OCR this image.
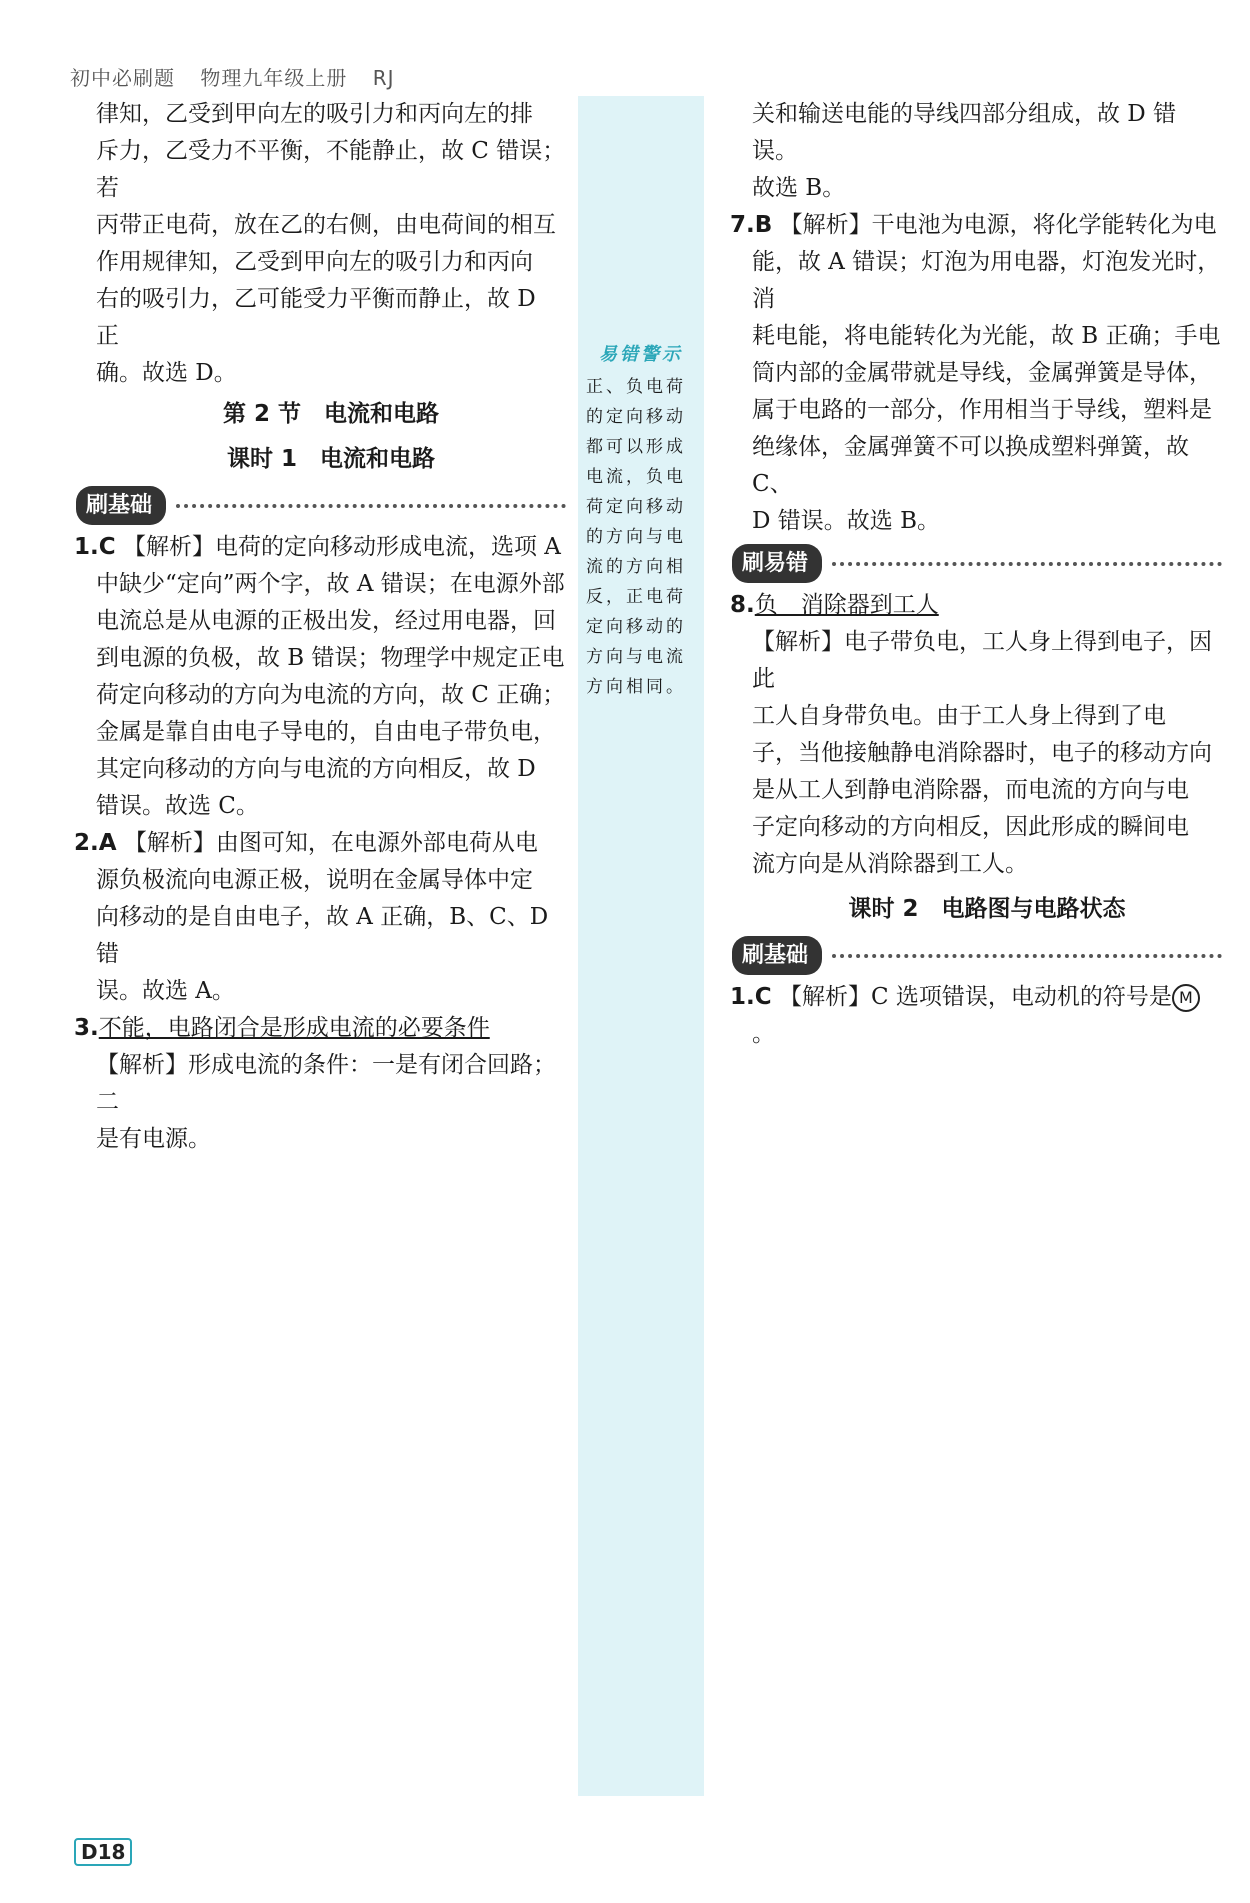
初中必刷题 物理九年级上册 RJ

律知，乙受到甲向左的吸引力和丙向左的排

斥力，乙受力不平衡，不能静止，故 C 错误；若

丙带正电荷，放在乙的右侧，由电荷间的相互

作用规律知，乙受到甲向左的吸引力和丙向

右的吸引力，乙可能受力平衡而静止，故 D 正

确。故选 D。

第 2 节　电流和电路

课时 1　电流和电路

刷基础

1.C 【解析】电荷的定向移动形成电流，选项 A

中缺少“定向”两个字，故 A 错误；在电源外部

电流总是从电源的正极出发，经过用电器，回

到电源的负极，故 B 错误；物理学中规定正电

荷定向移动的方向为电流的方向，故 C 正确；

金属是靠自由电子导电的，自由电子带负电，

其定向移动的方向与电流的方向相反，故 D

错误。故选 C。

2.A 【解析】由图可知，在电源外部电荷从电

源负极流向电源正极，说明在金属导体中定

向移动的是自由电子，故 A 正确，B、C、D 错

误。故选 A。

3.不能，电路闭合是形成电流的必要条件

【解析】形成电流的条件：一是有闭合回路；二

是有电源。

易错警示

正、负电荷的定向移动都可以形成电流，负电荷定向移动的方向与电流的方向相反，正电荷定向移动的方向与电流方向相同。

关和输送电能的导线四部分组成，故 D 错误。

故选 B。

7.B 【解析】干电池为电源，将化学能转化为电

能，故 A 错误；灯泡为用电器，灯泡发光时，消

耗电能，将电能转化为光能，故 B 正确；手电

筒内部的金属带就是导线，金属弹簧是导体，

属于电路的一部分，作用相当于导线，塑料是

绝缘体，金属弹簧不可以换成塑料弹簧，故 C、

D 错误。故选 B。

刷易错

8.负　消除器到工人

【解析】电子带负电，工人身上得到电子，因此

工人自身带负电。由于工人身上得到了电

子，当他接触静电消除器时，电子的移动方向

是从工人到静电消除器，而电流的方向与电

子定向移动的方向相反，因此形成的瞬间电

流方向是从消除器到工人。

课时 2　电路图与电路状态

刷基础

1.C 【解析】C 选项错误，电动机的符号是 M。

D18
